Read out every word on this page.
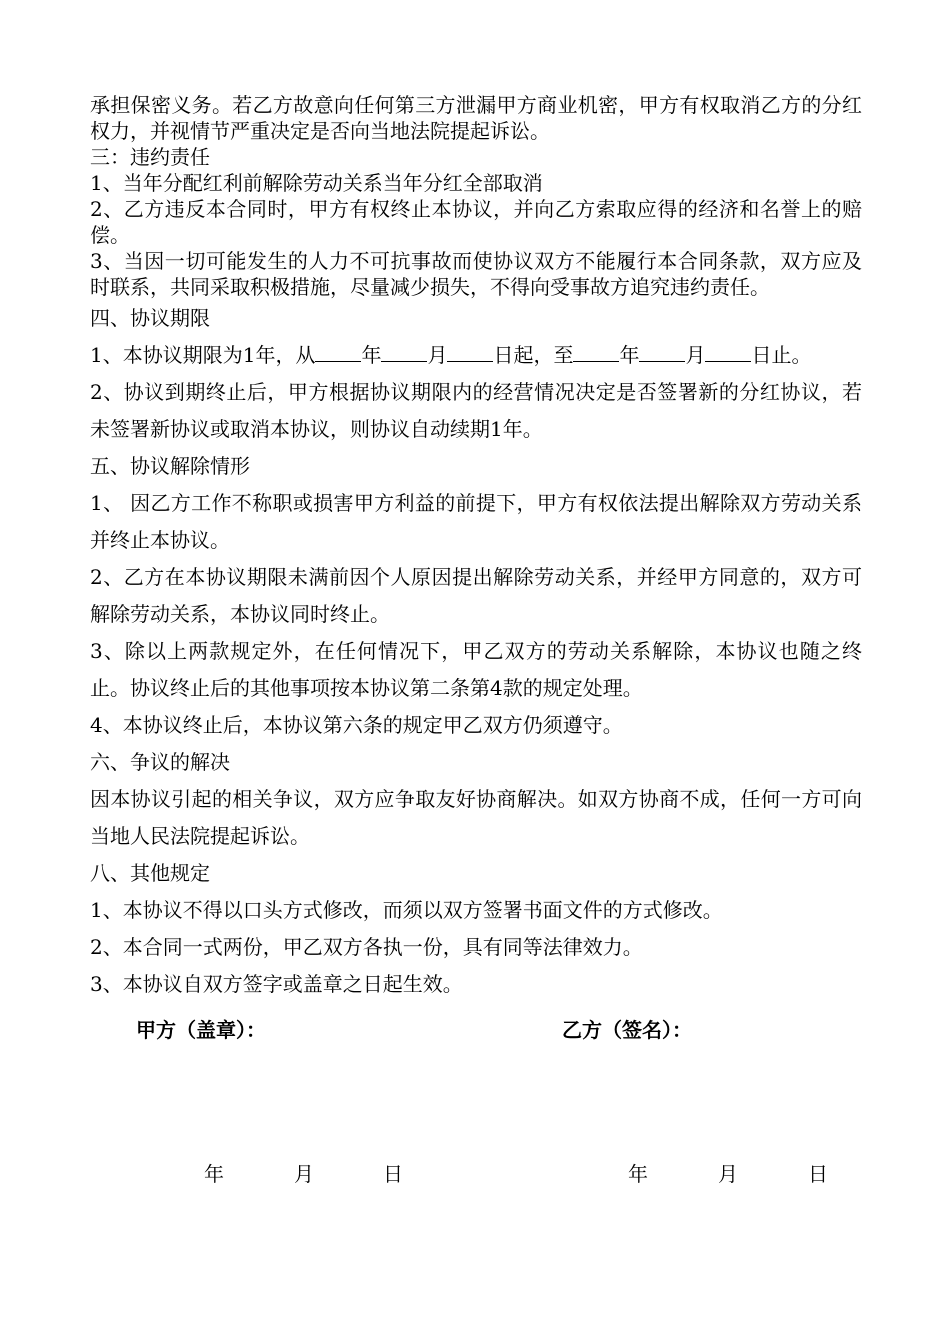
承担保密义务。若乙方故意向任何第三方泄漏甲方商业机密，甲方有权取消乙方的分红权力，并视情节严重决定是否向当地法院提起诉讼。

三：违约责任

1、当年分配红利前解除劳动关系当年分红全部取消

2、乙方违反本合同时，甲方有权终止本协议，并向乙方索取应得的经济和名誉上的赔偿。

3、当因一切可能发生的人力不可抗事故而使协议双方不能履行本合同条款，双方应及时联系，共同采取积极措施，尽量减少损失，不得向受事故方追究违约责任。

四、协议期限

1、本协议期限为1年，从 年 月 日起，至 年 月 日止。

2、协议到期终止后，甲方根据协议期限内的经营情况决定是否签署新的分红协议，若未签署新协议或取消本协议，则协议自动续期1年。

五、协议解除情形

1、 因乙方工作不称职或损害甲方利益的前提下，甲方有权依法提出解除双方劳动关系并终止本协议。

2、乙方在本协议期限未满前因个人原因提出解除劳动关系，并经甲方同意的，双方可解除劳动关系，本协议同时终止。

3、除以上两款规定外，在任何情况下，甲乙双方的劳动关系解除，本协议也随之终止。协议终止后的其他事项按本协议第二条第4款的规定处理。

4、本协议终止后，本协议第六条的规定甲乙双方仍须遵守。

六、争议的解决

因本协议引起的相关争议，双方应争取友好协商解决。如双方协商不成，任何一方可向当地人民法院提起诉讼。

八、其他规定

1、本协议不得以口头方式修改，而须以双方签署书面文件的方式修改。

2、本合同一式两份，甲乙双方各执一份，具有同等法律效力。

3、本协议自双方签字或盖章之日起生效。

甲方（盖章）：	乙方（签名）：
年	月	日	年	月	日
